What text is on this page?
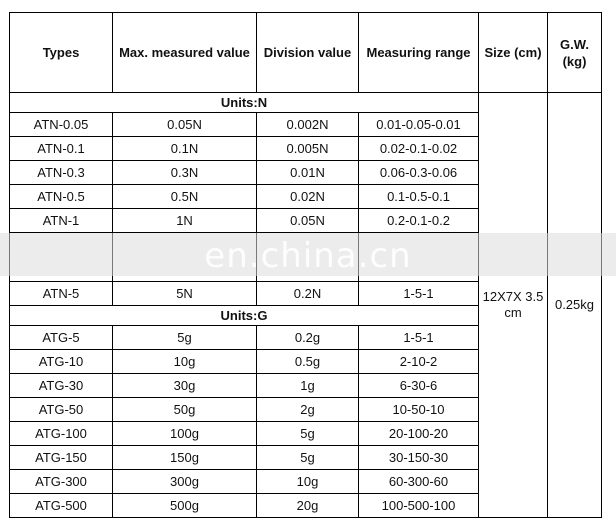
Types	Max. measured value	Division value	Measuring range	Size (cm)	G.W. (kg)
Units:N				12X7X 3.5 cm	0.25kg
ATN-0.05	0.05N	0.002N	0.01-0.05-0.01		
ATN-0.1	0.1N	0.005N	0.02-0.1-0.02		
ATN-0.3	0.3N	0.01N	0.06-0.3-0.06		
ATN-0.5	0.5N	0.02N	0.1-0.5-0.1		
ATN-1	1N	0.05N	0.2-0.1-0.2		

ATN-5	5N	0.2N	1-5-1		
Units:G					
ATG-5	5g	0.2g	1-5-1		
ATG-10	10g	0.5g	2-10-2		
ATG-30	30g	1g	6-30-6		
ATG-50	50g	2g	10-50-10		
ATG-100	100g	5g	20-100-20		
ATG-150	150g	5g	30-150-30		
ATG-300	300g	10g	60-300-60		
ATG-500	500g	20g	100-500-100		
en.china.cn
